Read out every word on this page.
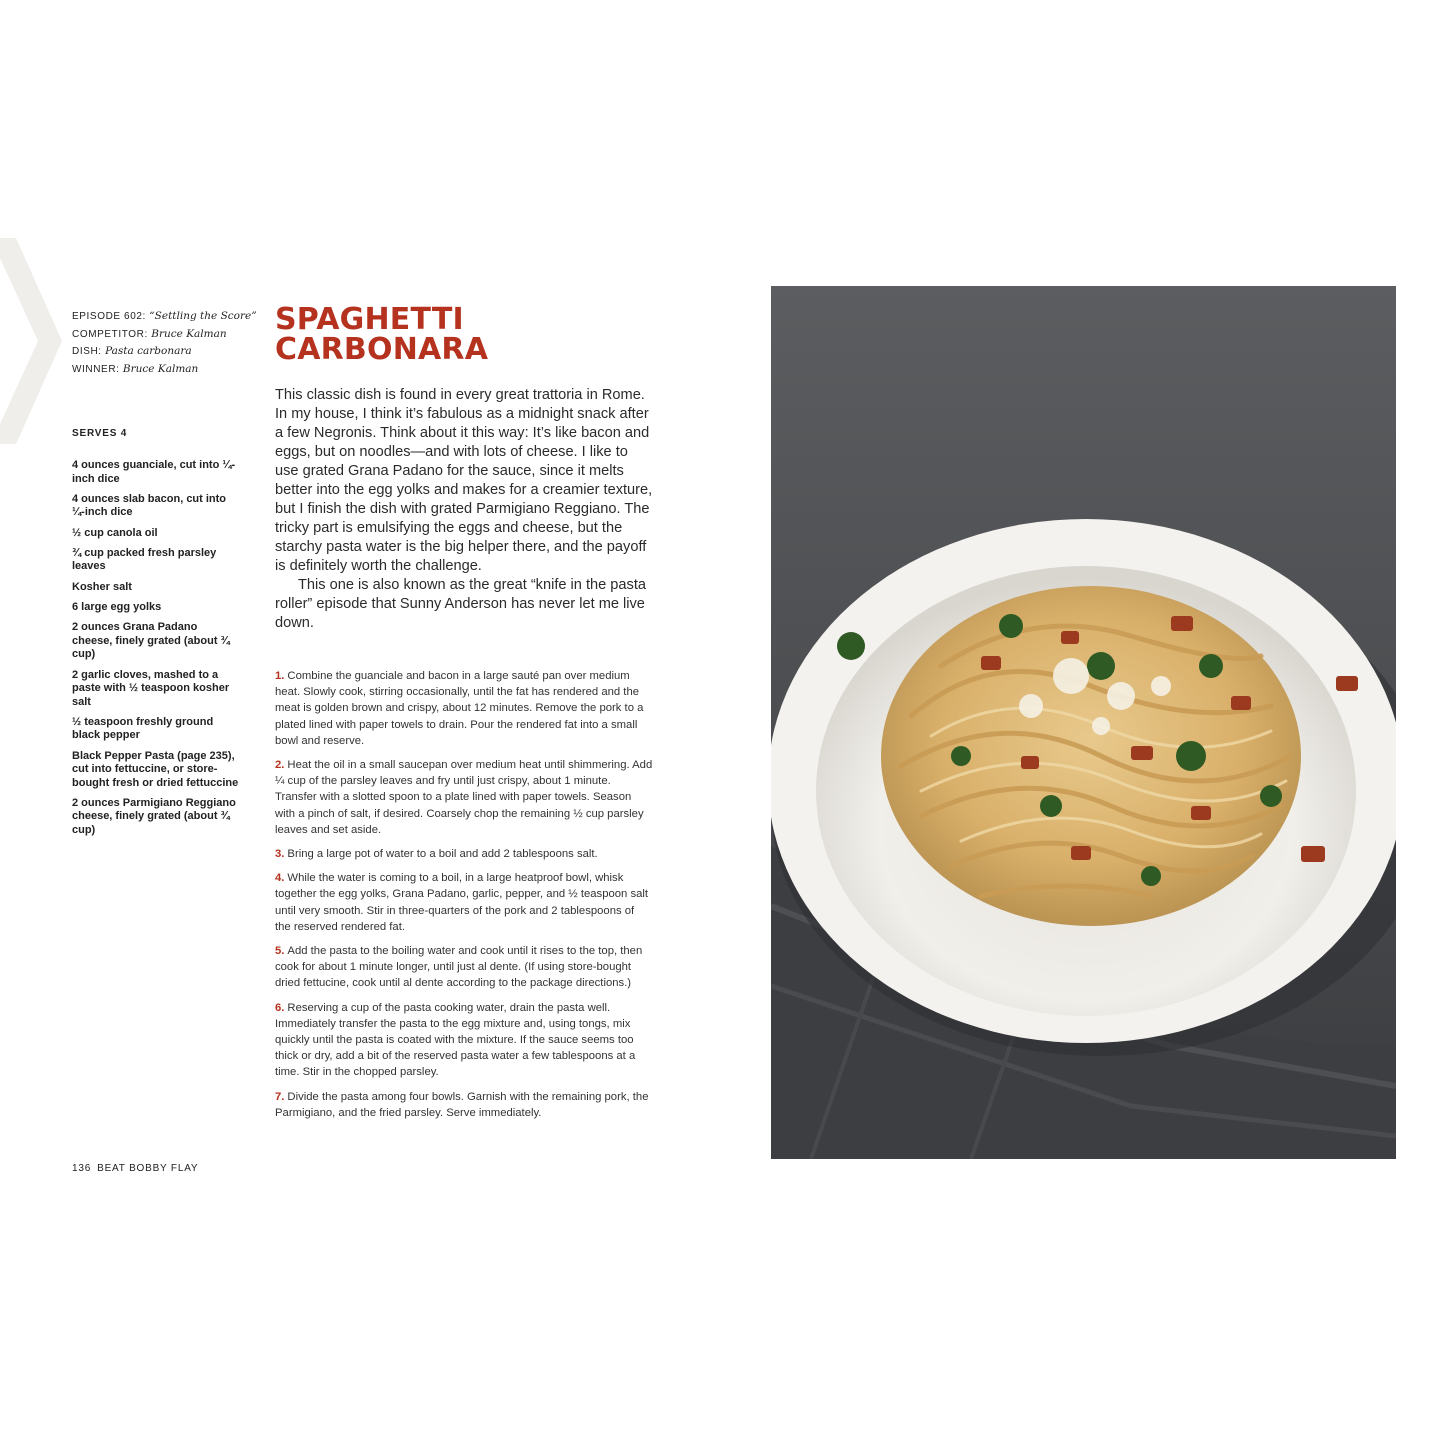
EPISODE 602: “Settling the Score”
COMPETITOR: Bruce Kalman
DISH: Pasta carbonara
WINNER: Bruce Kalman
SERVES 4
4 ounces guanciale, cut into ¼-inch dice
4 ounces slab bacon, cut into ¼-inch dice
½ cup canola oil
¾ cup packed fresh parsley leaves
Kosher salt
6 large egg yolks
2 ounces Grana Padano cheese, finely grated (about ¾ cup)
2 garlic cloves, mashed to a paste with ½ teaspoon kosher salt
½ teaspoon freshly ground black pepper
Black Pepper Pasta (page 235), cut into fettuccine, or store-bought fresh or dried fettuccine
2 ounces Parmigiano Reggiano cheese, finely grated (about ¾ cup)
SPAGHETTI
CARBONARA

This classic dish is found in every great trattoria in Rome. In my house, I think it’s fabulous as a midnight snack after a few Negronis. Think about it this way: It’s like bacon and eggs, but on noodles—and with lots of cheese. I like to use grated Grana Padano for the sauce, since it melts better into the egg yolks and makes for a creamier texture, but I finish the dish with grated Parmigiano Reggiano. The tricky part is emulsifying the eggs and cheese, but the starchy pasta water is the big helper there, and the payoff is definitely worth the challenge.

This one is also known as the great “knife in the pasta roller” episode that Sunny Anderson has never let me live down.

1. Combine the guanciale and bacon in a large sauté pan over medium heat. Slowly cook, stirring occasionally, until the fat has rendered and the meat is golden brown and crispy, about 12 minutes. Remove the pork to a plated lined with paper towels to drain. Pour the rendered fat into a small bowl and reserve.
2. Heat the oil in a small saucepan over medium heat until shimmering. Add ¼ cup of the parsley leaves and fry until just crispy, about 1 minute. Transfer with a slotted spoon to a plate lined with paper towels. Season with a pinch of salt, if desired. Coarsely chop the remaining ½ cup parsley leaves and set aside.
3. Bring a large pot of water to a boil and add 2 tablespoons salt.
4. While the water is coming to a boil, in a large heatproof bowl, whisk together the egg yolks, Grana Padano, garlic, pepper, and ½ teaspoon salt until very smooth. Stir in three-quarters of the pork and 2 tablespoons of the reserved rendered fat.
5. Add the pasta to the boiling water and cook until it rises to the top, then cook for about 1 minute longer, until just al dente. (If using store-bought dried fettucine, cook until al dente according to the package directions.)
6. Reserving a cup of the pasta cooking water, drain the pasta well. Immediately transfer the pasta to the egg mixture and, using tongs, mix quickly until the pasta is coated with the mixture. If the sauce seems too thick or dry, add a bit of the reserved pasta water a few tablespoons at a time. Stir in the chopped parsley.
7. Divide the pasta among four bowls. Garnish with the remaining pork, the Parmigiano, and the fried parsley. Serve immediately.
136 BEAT BOBBY FLAY
